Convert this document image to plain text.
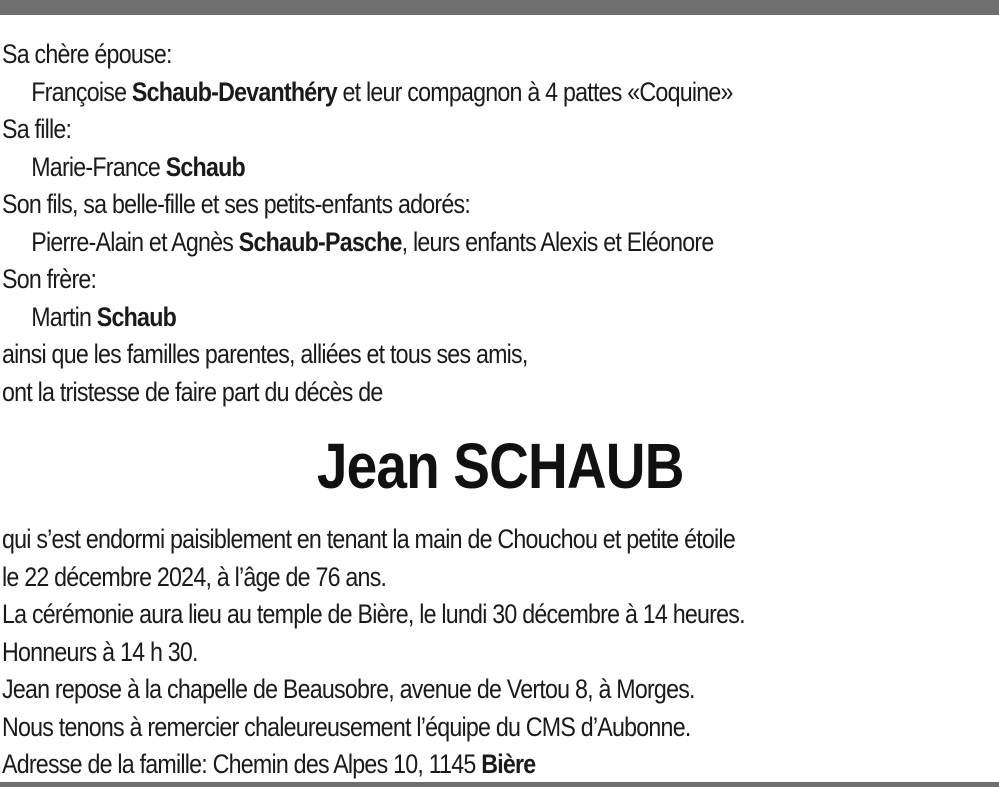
Sa chère épouse:
Françoise Schaub-Devanthéry et leur compagnon à 4 pattes «Coquine»
Sa fille:
Marie-France Schaub
Son fils, sa belle-fille et ses petits-enfants adorés:
Pierre-Alain et Agnès Schaub-Pasche, leurs enfants Alexis et Eléonore
Son frère:
Martin Schaub
ainsi que les familles parentes, alliées et tous ses amis,
ont la tristesse de faire part du décès de
Jean SCHAUB
qui s’est endormi paisiblement en tenant la main de Chouchou et petite étoile
le 22 décembre 2024, à l’âge de 76 ans.
La cérémonie aura lieu au temple de Bière, le lundi 30 décembre à 14 heures.
Honneurs à 14 h 30.
Jean repose à la chapelle de Beausobre, avenue de Vertou 8, à Morges.
Nous tenons à remercier chaleureusement l’équipe du CMS d’Aubonne.
Adresse de la famille: Chemin des Alpes 10, 1145 Bière
